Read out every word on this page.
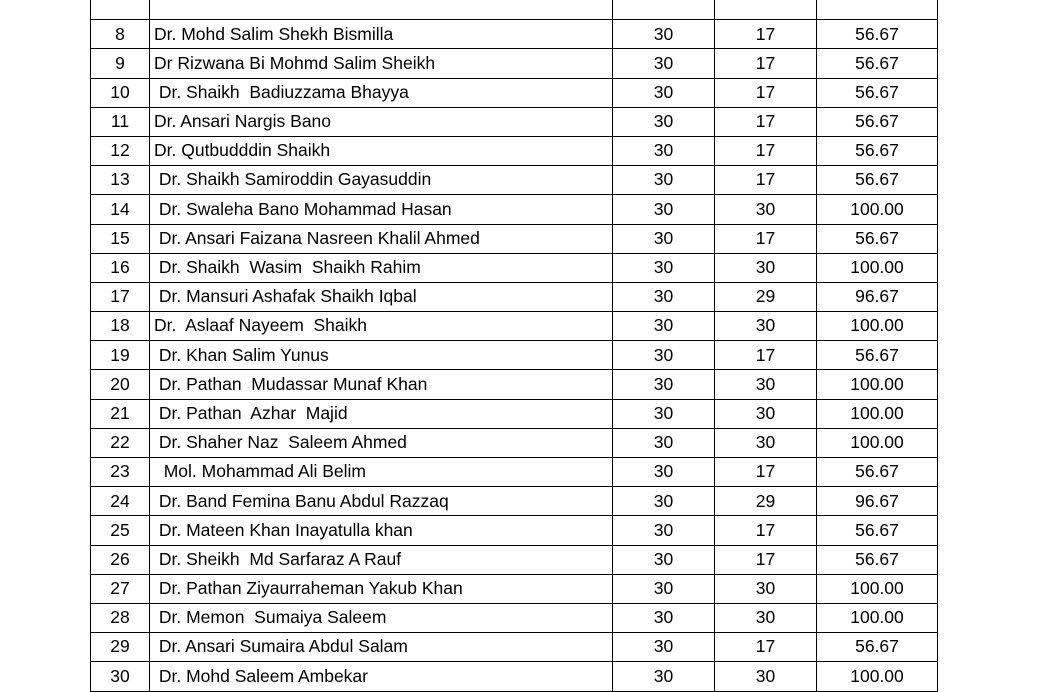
8	Dr. Mohd Salim Shekh Bismilla	30	17	56.67
9	Dr Rizwana Bi Mohmd Salim Sheikh	30	17	56.67
10	Dr. Shaikh  Badiuzzama Bhayya	30	17	56.67
11	Dr. Ansari Nargis Bano	30	17	56.67
12	Dr. Qutbudddin Shaikh	30	17	56.67
13	Dr. Shaikh Samiroddin Gayasuddin	30	17	56.67
14	Dr. Swaleha Bano Mohammad Hasan	30	30	100.00
15	Dr. Ansari Faizana Nasreen Khalil Ahmed	30	17	56.67
16	Dr. Shaikh  Wasim  Shaikh Rahim	30	30	100.00
17	Dr. Mansuri Ashafak Shaikh Iqbal	30	29	96.67
18	Dr.  Aslaaf Nayeem  Shaikh	30	30	100.00
19	Dr. Khan Salim Yunus	30	17	56.67
20	Dr. Pathan  Mudassar Munaf Khan	30	30	100.00
21	Dr. Pathan  Azhar  Majid	30	30	100.00
22	Dr. Shaher Naz  Saleem Ahmed	30	30	100.00
23	Mol. Mohammad Ali Belim	30	17	56.67
24	Dr. Band Femina Banu Abdul Razzaq	30	29	96.67
25	Dr. Mateen Khan Inayatulla khan	30	17	56.67
26	Dr. Sheikh  Md Sarfaraz A Rauf	30	17	56.67
27	Dr. Pathan Ziyaurraheman Yakub Khan	30	30	100.00
28	Dr. Memon  Sumaiya Saleem	30	30	100.00
29	Dr. Ansari Sumaira Abdul Salam	30	17	56.67
30	Dr. Mohd Saleem Ambekar	30	30	100.00
